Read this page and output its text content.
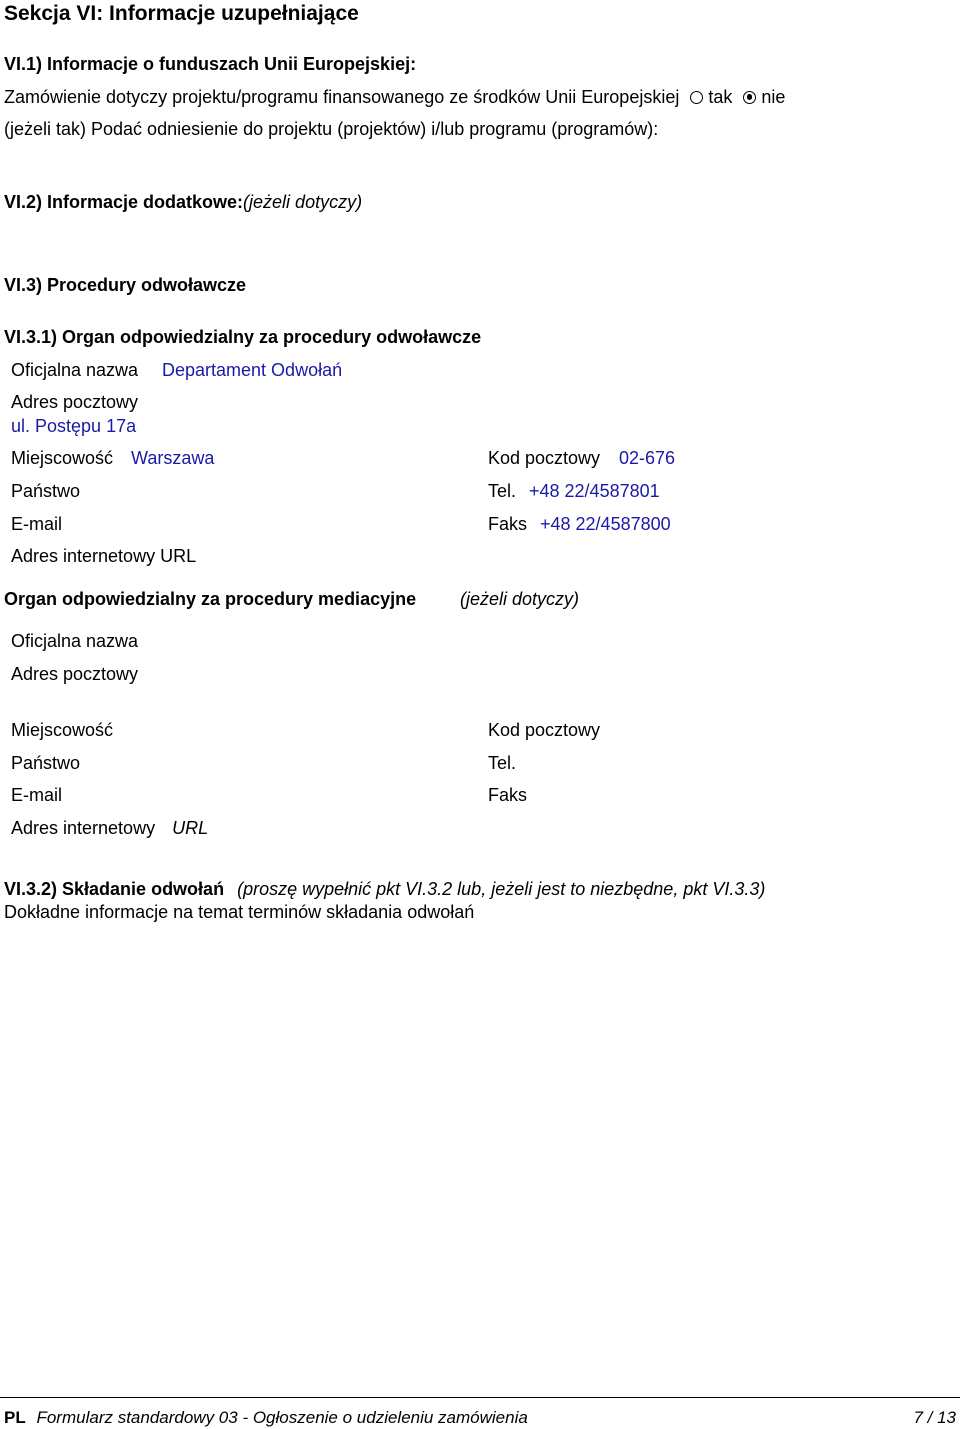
Sekcja VI: Informacje uzupełniające
VI.1) Informacje o funduszach Unii Europejskiej:
Zamówienie dotyczy projektu/programu finansowanego ze środków Unii Europejskiej tak nie
(jeżeli tak) Podać odniesienie do projektu (projektów) i/lub programu (programów):
VI.2) Informacje dodatkowe:(jeżeli dotyczy)
VI.3) Procedury odwoławcze
VI.3.1) Organ odpowiedzialny za procedury odwoławcze
Oficjalna nazwa Departament Odwołań
Adres pocztowy
ul. Postępu 17a
Miejscowość Warszawa	Kod pocztowy 02-676
Państwo	Tel. +48 22/4587801
E-mail	Faks +48 22/4587800
Adres internetowy URL
Organ odpowiedzialny za procedury mediacyjne (jeżeli dotyczy)
Oficjalna nazwa
Adres pocztowy
Miejscowość	Kod pocztowy
Państwo	Tel.
E-mail	Faks
Adres internetowy URL
VI.3.2) Składanie odwołań (proszę wypełnić pkt VI.3.2 lub, jeżeli jest to niezbędne, pkt VI.3.3)
Dokładne informacje na temat terminów składania odwołań
PL Formularz standardowy 03 - Ogłoszenie o udzieleniu zamówienia	7 / 13
